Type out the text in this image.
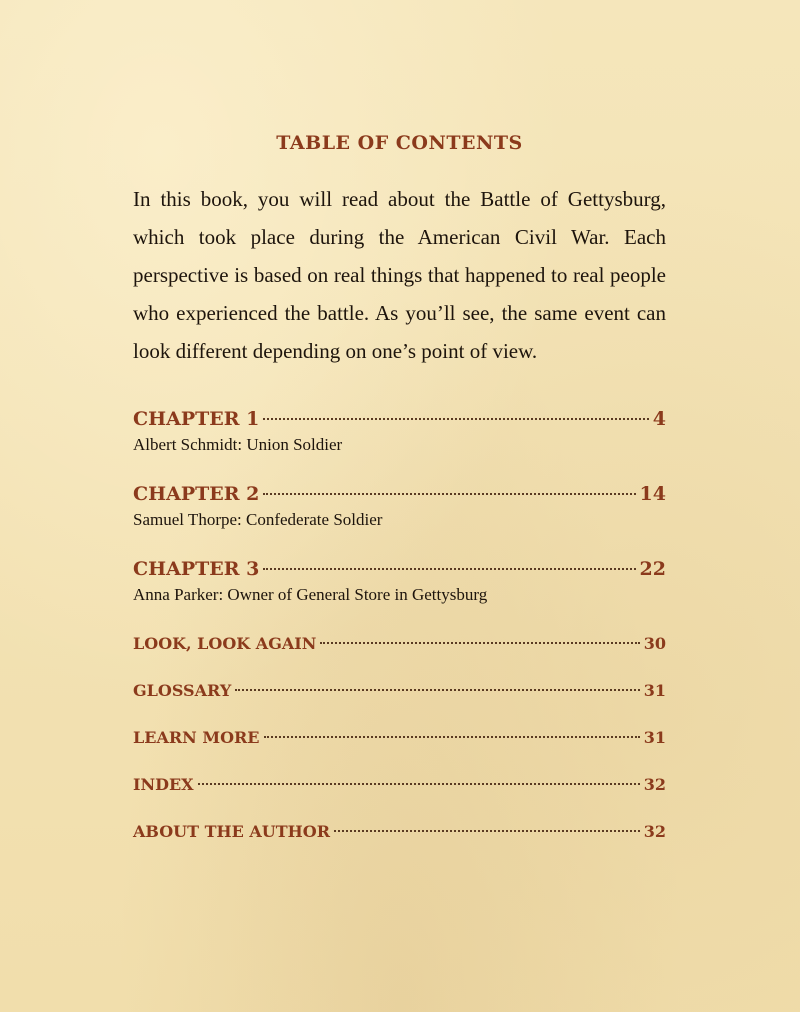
TABLE OF CONTENTS

In this book, you will read about the Battle of Gettysburg, which took place during the American Civil War. Each perspective is based on real things that happened to real people who experienced the battle. As you’ll see, the same event can look different depending on one’s point of view.

CHAPTER 1	4

Albert Schmidt: Union Soldier

CHAPTER 2	14

Samuel Thorpe: Confederate Soldier

CHAPTER 3	22

Anna Parker: Owner of General Store in Gettysburg

LOOK, LOOK AGAIN	30
GLOSSARY	31
LEARN MORE	31
INDEX	32
ABOUT THE AUTHOR	32
